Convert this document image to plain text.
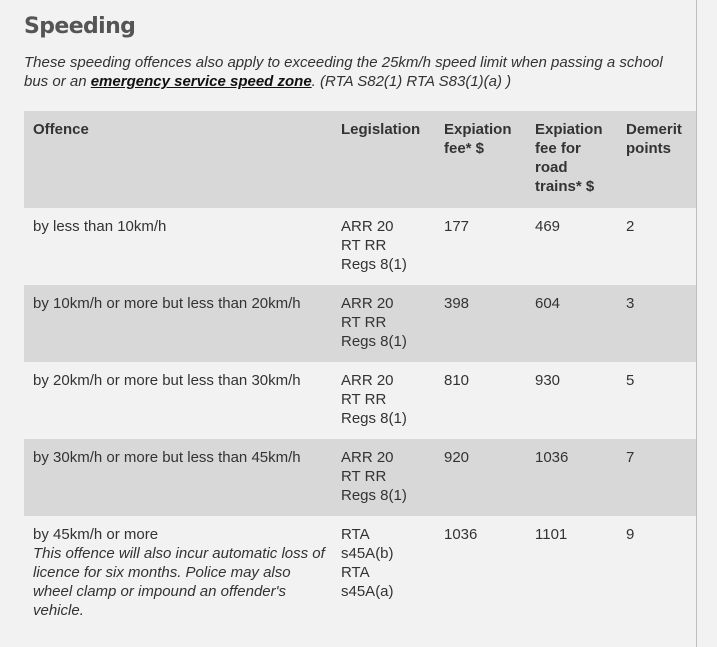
Speeding

These speeding offences also apply to exceeding the 25km/h speed limit when passing a school bus or an emergency service speed zone. (RTA S82(1) RTA S83(1)(a) )

Offence	Legislation	Expiation fee* $	Expiation fee for road trains* $	Demerit points
by less than 10km/h	ARR 20
RT RR
Regs 8(1)	177	469	2
by 10km/h or more but less than 20km/h	ARR 20
RT RR
Regs 8(1)	398	604	3
by 20km/h or more but less than 30km/h	ARR 20
RT RR
Regs 8(1)	810	930	5
by 30km/h or more but less than 45km/h	ARR 20
RT RR
Regs 8(1)	920	1036	7
by 45km/h or more
This offence will also incur automatic loss of licence for six months. Police may also wheel clamp or impound an offender's vehicle.	RTA
s45A(b)
RTA
s45A(a)	1036	1101	9
